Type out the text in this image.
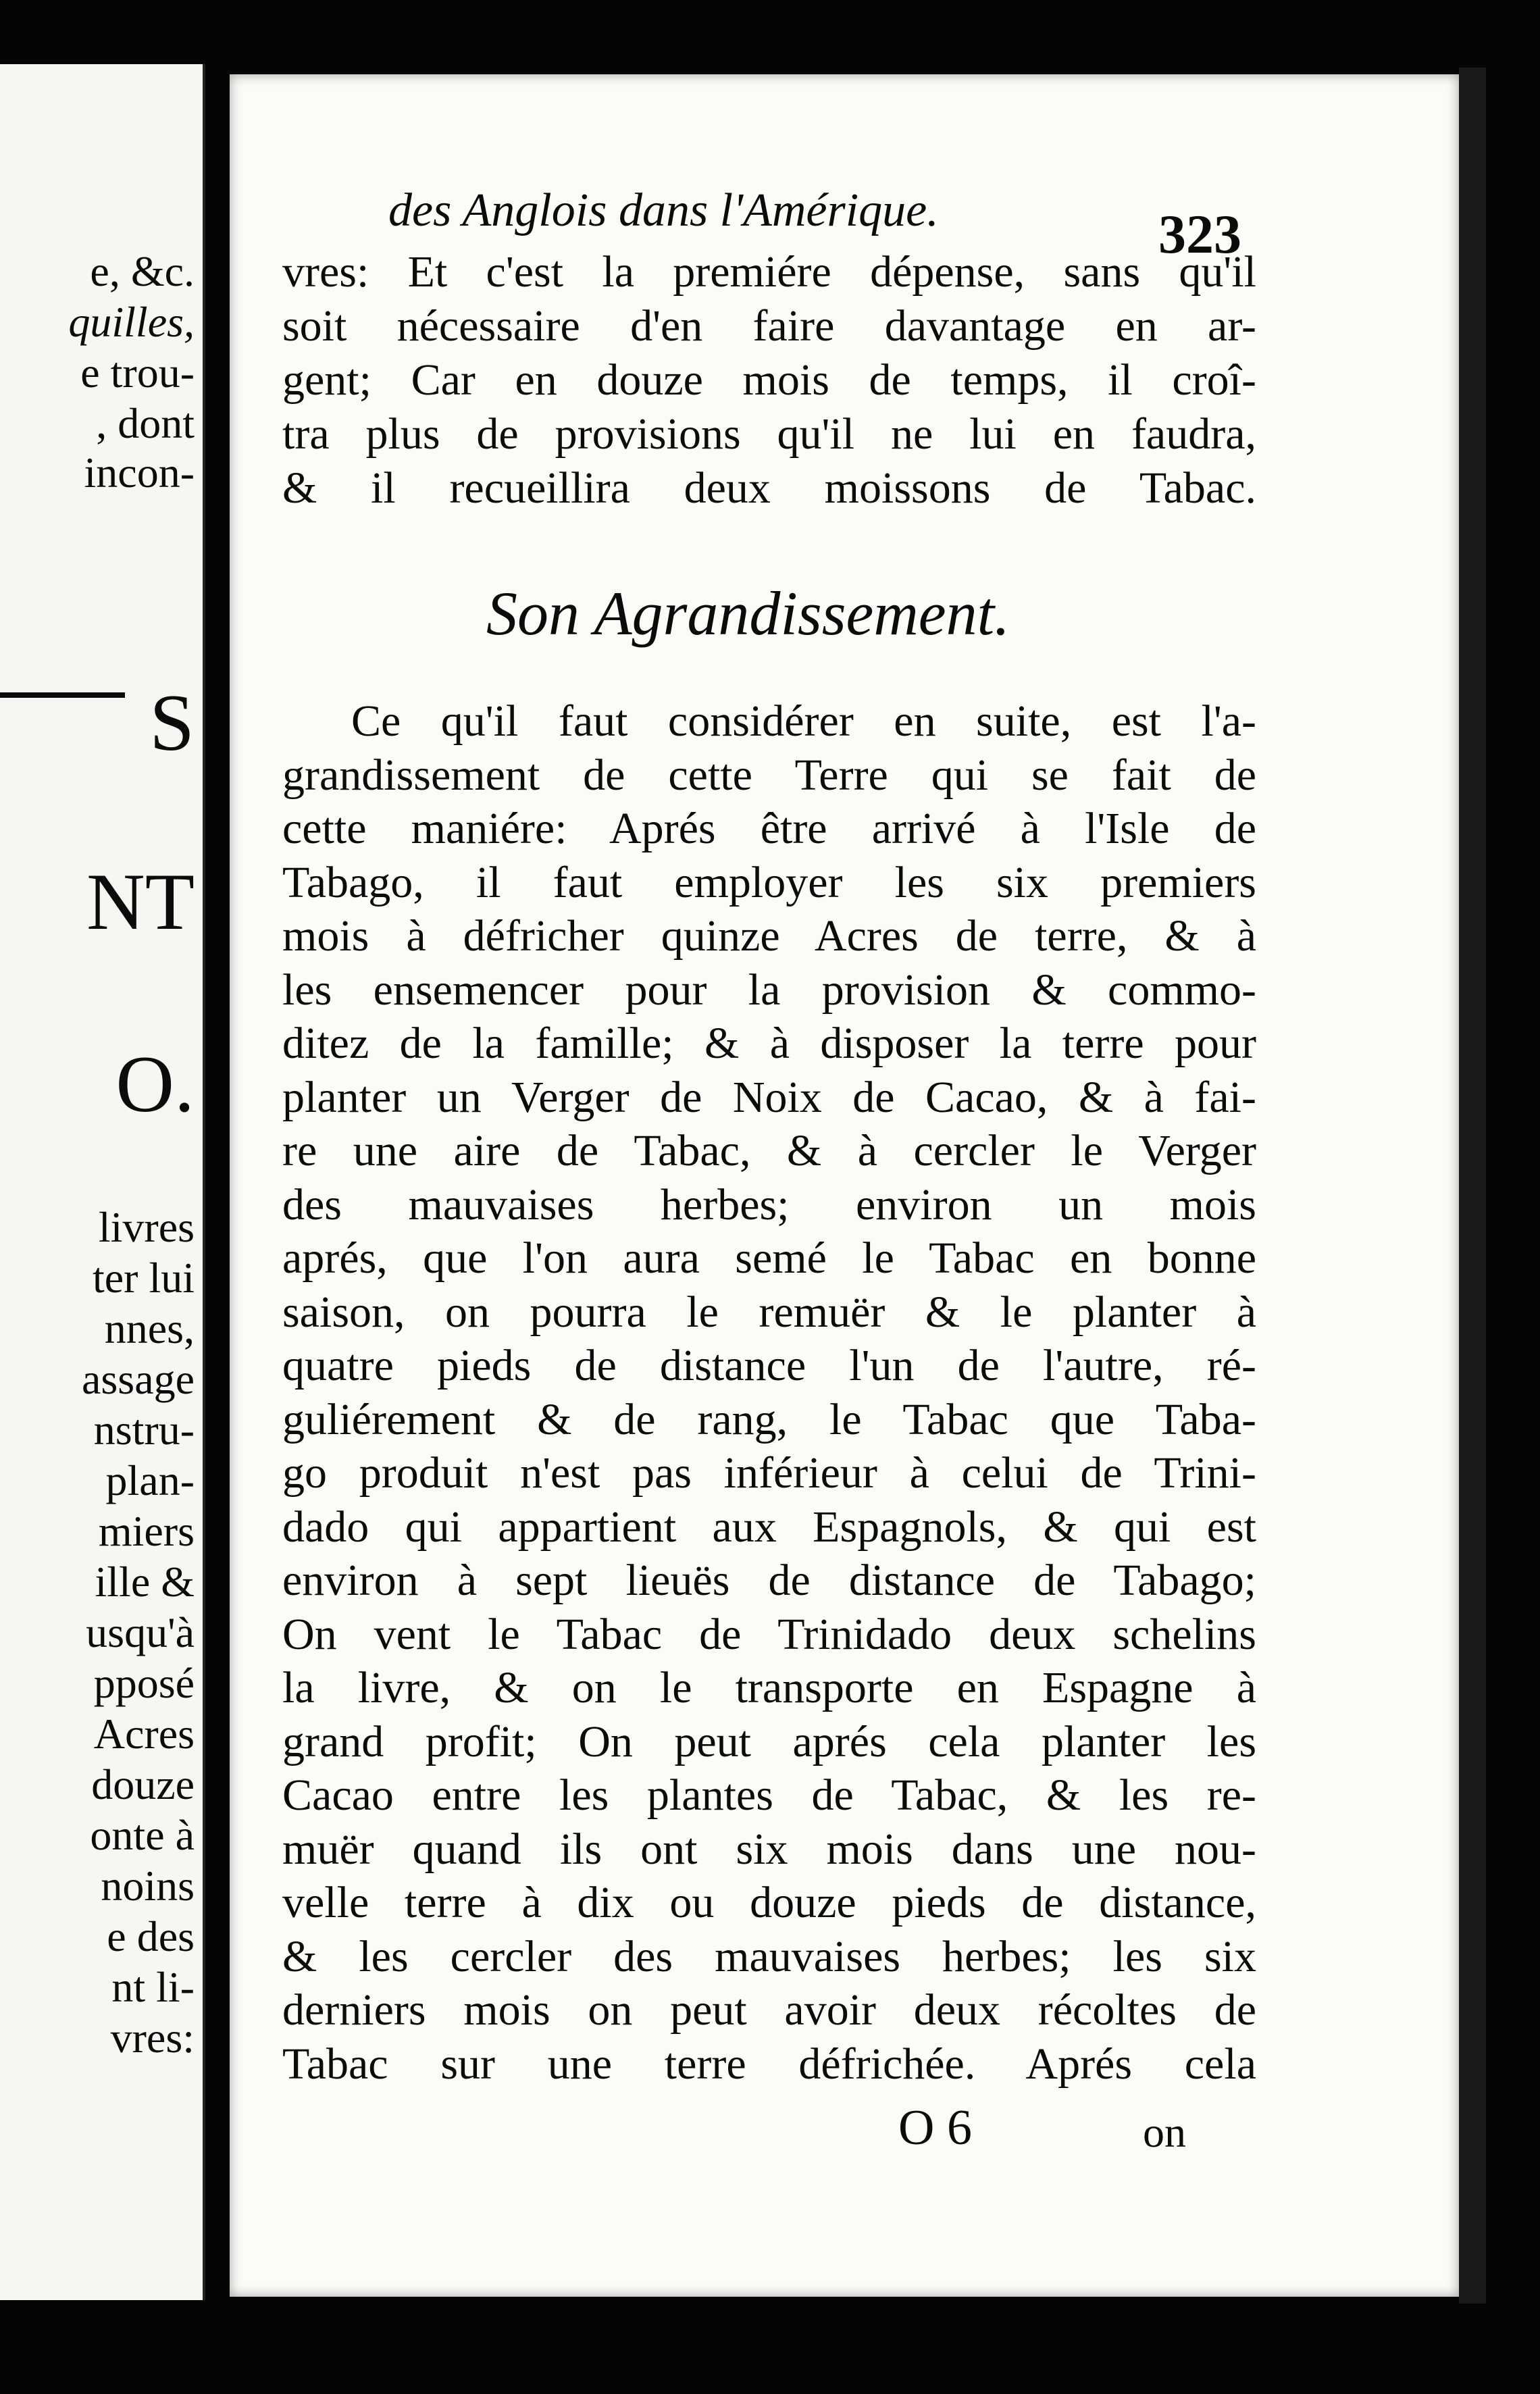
e, &c.
quilles,
e trou-
, dont
incon-
livres
ter lui
nnes,
assage
nstru-
plan-
miers
ille &
usqu'à
pposé
Acres
douze
onte à
noins
e des
nt li-
vres:
S
NT
O.
des Anglois dans l'Amérique.	323
vres: Et c'est la premiére dépense, sans qu'il
soit nécessaire d'en faire davantage en ar-
gent; Car en douze mois de temps, il croî-
tra plus de provisions qu'il ne lui en faudra,
& il recueillira deux moissons de Tabac.
Son Agrandissement.
Ce qu'il faut considérer en suite, est l'a-
grandissement de cette Terre qui se fait de
cette maniére: Aprés être arrivé à l'Isle de
Tabago, il faut employer les six premiers
mois à défricher quinze Acres de terre, & à
les ensemencer pour la provision & commo-
ditez de la famille; & à disposer la terre pour
planter un Verger de Noix de Cacao, & à fai-
re une aire de Tabac, & à cercler le Verger
des mauvaises herbes; environ un mois
aprés, que l'on aura semé le Tabac en bonne
saison, on pourra le remuër & le planter à
quatre pieds de distance l'un de l'autre, ré-
guliérement & de rang, le Tabac que Taba-
go produit n'est pas inférieur à celui de Trini-
dado qui appartient aux Espagnols, & qui est
environ à sept lieuës de distance de Tabago;
On vent le Tabac de Trinidado deux schelins
la livre, & on le transporte en Espagne à
grand profit; On peut aprés cela planter les
Cacao entre les plantes de Tabac, & les re-
muër quand ils ont six mois dans une nou-
velle terre à dix ou douze pieds de distance,
& les cercler des mauvaises herbes; les six
derniers mois on peut avoir deux récoltes de
Tabac sur une terre défrichée. Aprés cela
O 6	on
